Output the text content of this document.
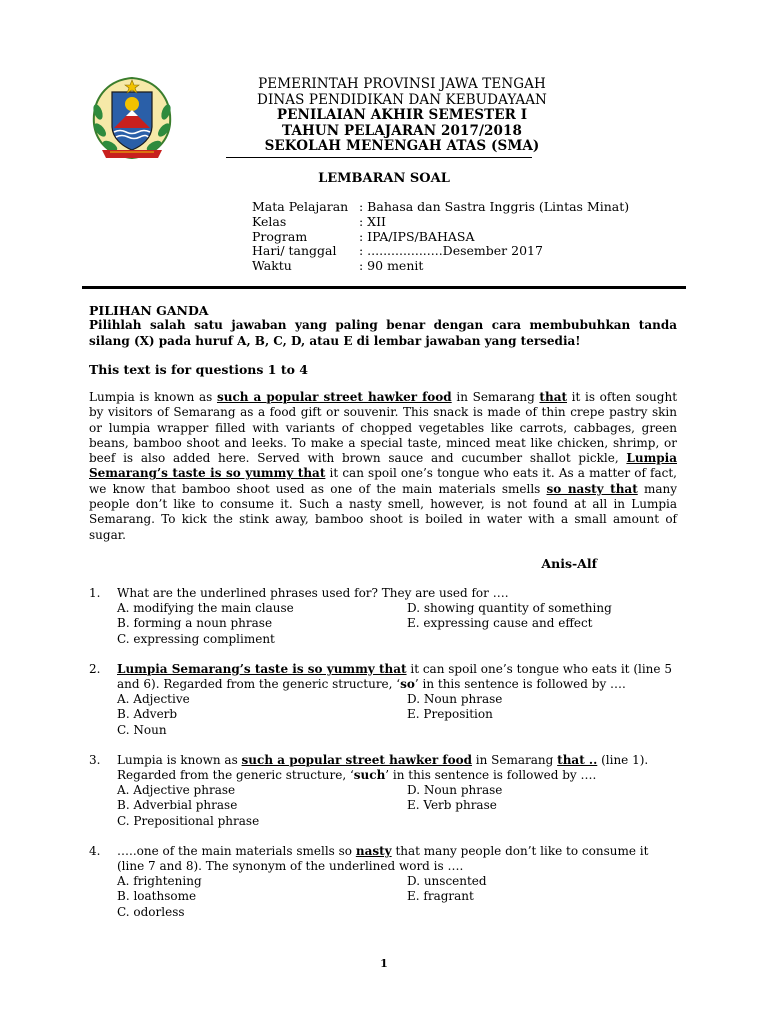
PEMERINTAH PROVINSI JAWA TENGAH
DINAS PENDIDIKAN DAN KEBUDAYAAN
PENILAIAN AKHIR SEMESTER I
TAHUN PELAJARAN 2017/2018
SEKOLAH MENENGAH ATAS (SMA)
LEMBARAN SOAL
Mata Pelajaran : Bahasa dan Sastra Inggris (Lintas Minat)
Kelas	: XII
Program	: IPA/IPS/BAHASA
Hari/ tanggal	: ...................Desember 2017
Waktu	: 90 menit
PILIHAN GANDA
Pilihlah salah satu jawaban yang paling benar dengan cara membubuhkan tanda silang (X) pada huruf A, B, C, D, atau E di lembar jawaban yang tersedia!
This text is for questions 1 to 4
Lumpia is known as such a popular street hawker food in Semarang that it is often sought by visitors of Semarang as a food gift or souvenir. This snack is made of thin crepe pastry skin or lumpia wrapper filled with variants of chopped vegetables like carrots, cabbages, green beans, bamboo shoot and leeks. To make a special taste, minced meat like chicken, shrimp, or beef is also added here. Served with brown sauce and cucumber shallot pickle, Lumpia Semarang’s taste is so yummy that it can spoil one’s tongue who eats it. As a matter of fact, we know that bamboo shoot used as one of the main materials smells so nasty that many people don’t like to consume it. Such a nasty smell, however, is not found at all in Lumpia Semarang. To kick the stink away, bamboo shoot is boiled in water with a small amount of sugar.
Anis-Alf
1.	What are the underlined phrases used for? They are used for ….
A. modifying the main clause	D. showing quantity of something
B. forming a noun phrase	E. expressing cause and effect
C. expressing compliment
2.	Lumpia Semarang’s taste is so yummy that it can spoil one’s tongue who eats it (line 5 and 6). Regarded from the generic structure, ‘so’ in this sentence is followed by ….
A. Adjective	D. Noun phrase
B. Adverb	E. Preposition
C. Noun
3.	Lumpia is known as such a popular street hawker food in Semarang that .. (line 1). Regarded from the generic structure, ‘such’ in this sentence is followed by ….
A. Adjective phrase	D. Noun phrase
B. Adverbial phrase	E. Verb phrase
C. Prepositional phrase
4.	…..one of the main materials smells so nasty that many people don’t like to consume it (line 7 and 8). The synonym of the underlined word is ….
A. frightening	D. unscented
B. loathsome	E. fragrant
C. odorless
1
